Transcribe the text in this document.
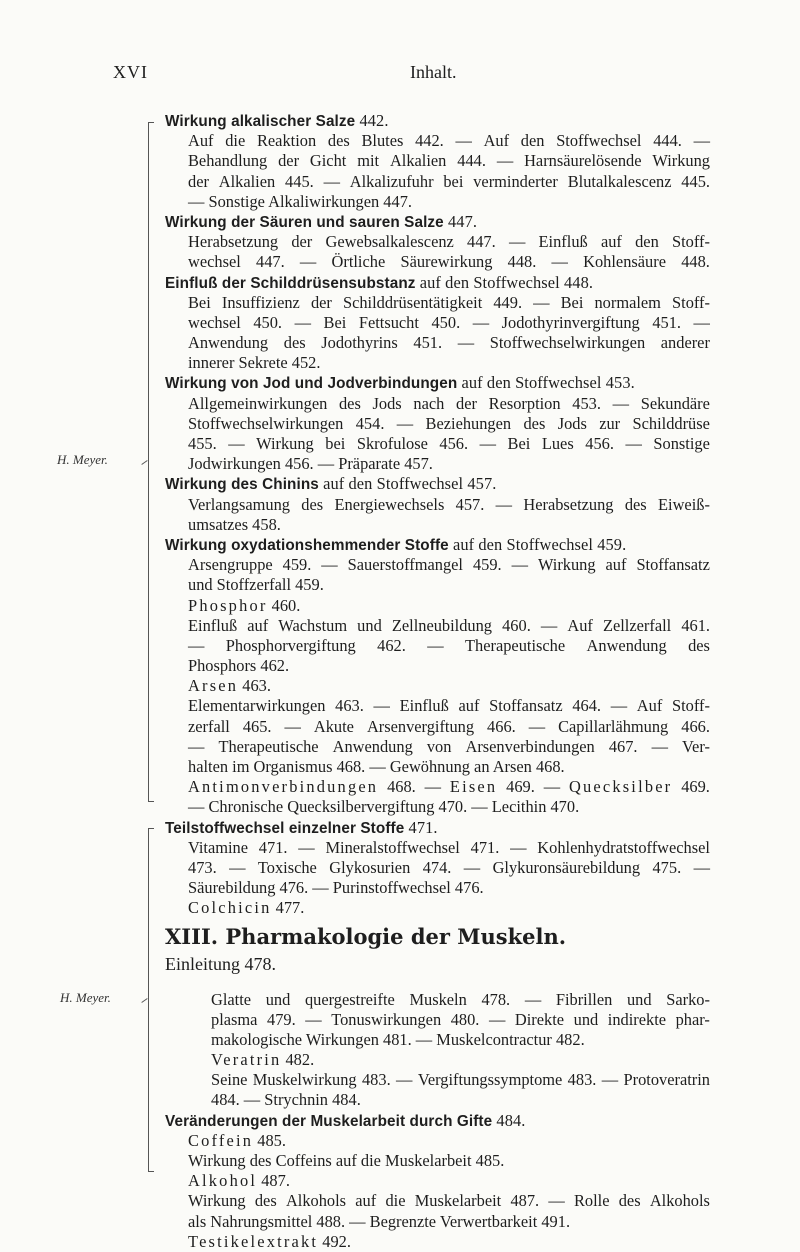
XVI	Inhalt.
H. Meyer.
H. Meyer.
Wirkung alkalischer Salze 442.
Auf die Reaktion des Blutes 442. — Auf den Stoffwechsel 444. —
Behandlung der Gicht mit Alkalien 444. — Harnsäurelösende Wirkung
der Alkalien 445. — Alkalizufuhr bei verminderter Blutalkalescenz 445.
— Sonstige Alkaliwirkungen 447.
Wirkung der Säuren und sauren Salze 447.
Herabsetzung der Gewebsalkalescenz 447. — Einfluß auf den Stoff-
wechsel 447. — Örtliche Säurewirkung 448. — Kohlensäure 448.
Einfluß der Schilddrüsensubstanz auf den Stoffwechsel 448.
Bei Insuffizienz der Schilddrüsentätigkeit 449. — Bei normalem Stoff-
wechsel 450. — Bei Fettsucht 450. — Jodothyrinvergiftung 451. —
Anwendung des Jodothyrins 451. — Stoffwechselwirkungen anderer
innerer Sekrete 452.
Wirkung von Jod und Jodverbindungen auf den Stoffwechsel 453.
Allgemeinwirkungen des Jods nach der Resorption 453. — Sekundäre
Stoffwechselwirkungen 454. — Beziehungen des Jods zur Schilddrüse
455. — Wirkung bei Skrofulose 456. — Bei Lues 456. — Sonstige
Jodwirkungen 456. — Präparate 457.
Wirkung des Chinins auf den Stoffwechsel 457.
Verlangsamung des Energiewechsels 457. — Herabsetzung des Eiweiß-
umsatzes 458.
Wirkung oxydationshemmender Stoffe auf den Stoffwechsel 459.
Arsengruppe 459. — Sauerstoffmangel 459. — Wirkung auf Stoffansatz
und Stoffzerfall 459.
Phosphor 460.
Einfluß auf Wachstum und Zellneubildung 460. — Auf Zellzerfall 461.
— Phosphorvergiftung 462. — Therapeutische Anwendung des
Phosphors 462.
Arsen 463.
Elementarwirkungen 463. — Einfluß auf Stoffansatz 464. — Auf Stoff-
zerfall 465. — Akute Arsenvergiftung 466. — Capillarlähmung 466.
— Therapeutische Anwendung von Arsenverbindungen 467. — Ver-
halten im Organismus 468. — Gewöhnung an Arsen 468.
Antimonverbindungen 468. — Eisen 469. — Quecksilber 469.
— Chronische Quecksilbervergiftung 470. — Lecithin 470.
Teilstoffwechsel einzelner Stoffe 471.
Vitamine 471. — Mineralstoffwechsel 471. — Kohlenhydratstoffwechsel
473. — Toxische Glykosurien 474. — Glykuronsäurebildung 475. —
Säurebildung 476. — Purinstoffwechsel 476.
Colchicin 477.
XIII. Pharmakologie der Muskeln.
Einleitung 478.
Glatte und quergestreifte Muskeln 478. — Fibrillen und Sarko-
plasma 479. — Tonuswirkungen 480. — Direkte und indirekte phar-
makologische Wirkungen 481. — Muskelcontractur 482.
Veratrin 482.
Seine Muskelwirkung 483. — Vergiftungssymptome 483. — Protoveratrin
484. — Strychnin 484.
Veränderungen der Muskelarbeit durch Gifte 484.
Coffein 485.
Wirkung des Coffeins auf die Muskelarbeit 485.
Alkohol 487.
Wirkung des Alkohols auf die Muskelarbeit 487. — Rolle des Alkohols
als Nahrungsmittel 488. — Begrenzte Verwertbarkeit 491.
Testikelextrakt 492.
